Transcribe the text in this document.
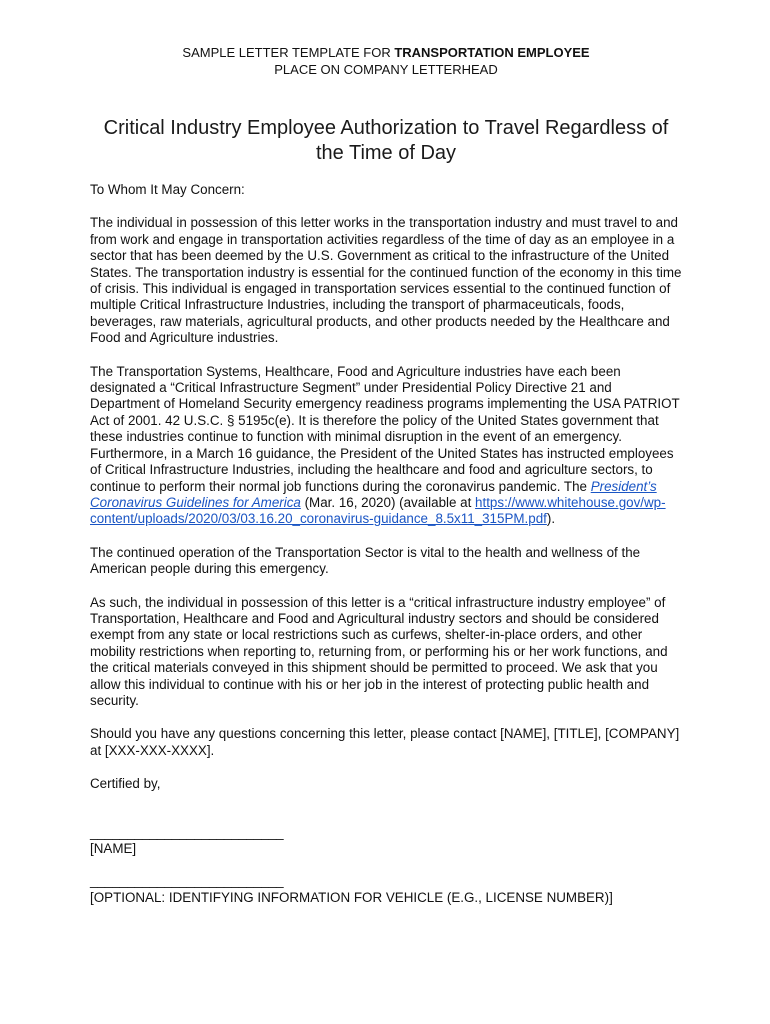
SAMPLE LETTER TEMPLATE FOR TRANSPORTATION EMPLOYEE
PLACE ON COMPANY LETTERHEAD
Critical Industry Employee Authorization to Travel Regardless of the Time of Day
To Whom It May Concern:

The individual in possession of this letter works in the transportation industry and must travel to and from work and engage in transportation activities regardless of the time of day as an employee in a sector that has been deemed by the U.S. Government as critical to the infrastructure of the United States. The transportation industry is essential for the continued function of the economy in this time of crisis. This individual is engaged in transportation services essential to the continued function of multiple Critical Infrastructure Industries, including the transport of pharmaceuticals, foods, beverages, raw materials, agricultural products, and other products needed by the Healthcare and Food and Agriculture industries.

The Transportation Systems, Healthcare, Food and Agriculture industries have each been designated a “Critical Infrastructure Segment” under Presidential Policy Directive 21 and Department of Homeland Security emergency readiness programs implementing the USA PATRIOT Act of 2001. 42 U.S.C. § 5195c(e). It is therefore the policy of the United States government that these industries continue to function with minimal disruption in the event of an emergency. Furthermore, in a March 16 guidance, the President of the United States has instructed employees of Critical Infrastructure Industries, including the healthcare and food and agriculture sectors, to continue to perform their normal job functions during the coronavirus pandemic. The President’s Coronavirus Guidelines for America (Mar. 16, 2020) (available at https://www.whitehouse.gov/wp-content/uploads/2020/03/03.16.20_coronavirus-guidance_8.5x11_315PM.pdf).

The continued operation of the Transportation Sector is vital to the health and wellness of the American people during this emergency.

As such, the individual in possession of this letter is a “critical infrastructure industry employee” of Transportation, Healthcare and Food and Agricultural industry sectors and should be considered exempt from any state or local restrictions such as curfews, shelter-in-place orders, and other mobility restrictions when reporting to, returning from, or performing his or her work functions, and the critical materials conveyed in this shipment should be permitted to proceed. We ask that you allow this individual to continue with his or her job in the interest of protecting public health and security.

Should you have any questions concerning this letter, please contact [NAME], [TITLE], [COMPANY] at [XXX-XXX-XXXX].

Certified by,

__________________________
[NAME]
__________________________
[OPTIONAL: IDENTIFYING INFORMATION FOR VEHICLE (E.G., LICENSE NUMBER)]
